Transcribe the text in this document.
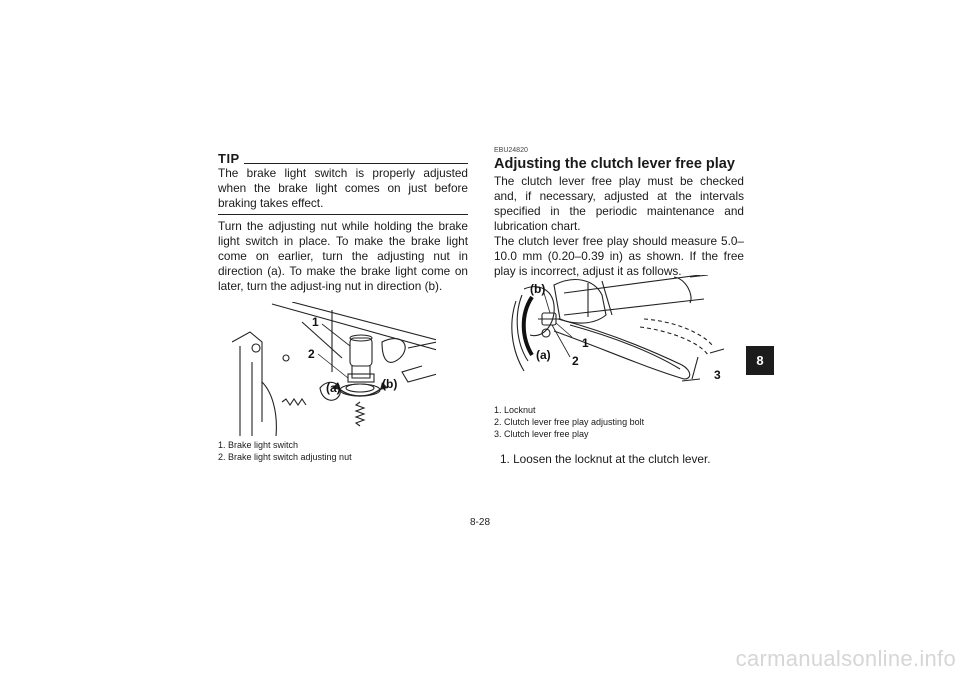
TIP
The brake light switch is properly adjusted when the brake light comes on just before braking takes effect.
Turn the adjusting nut while holding the brake light switch in place. To make the brake light come on earlier, turn the adjusting nut in direction (a). To make the brake light come on later, turn the adjust-ing nut in direction (b).
1
2
(a)	(b)
1. Brake light switch
2. Brake light switch adjusting nut
EBU24820
Adjusting the clutch lever free play
The clutch lever free play must be checked and, if necessary, adjusted at the intervals specified in the periodic maintenance and lubrication chart.
The clutch lever free play should measure 5.0–10.0 mm (0.20–0.39 in) as shown. If the free play is incorrect, adjust it as follows.
(b)
(a)
1
2
3
1. Locknut
2. Clutch lever free play adjusting bolt
3. Clutch lever free play
1. Loosen the locknut at the clutch lever.
8-28
8
carmanualsonline.info
